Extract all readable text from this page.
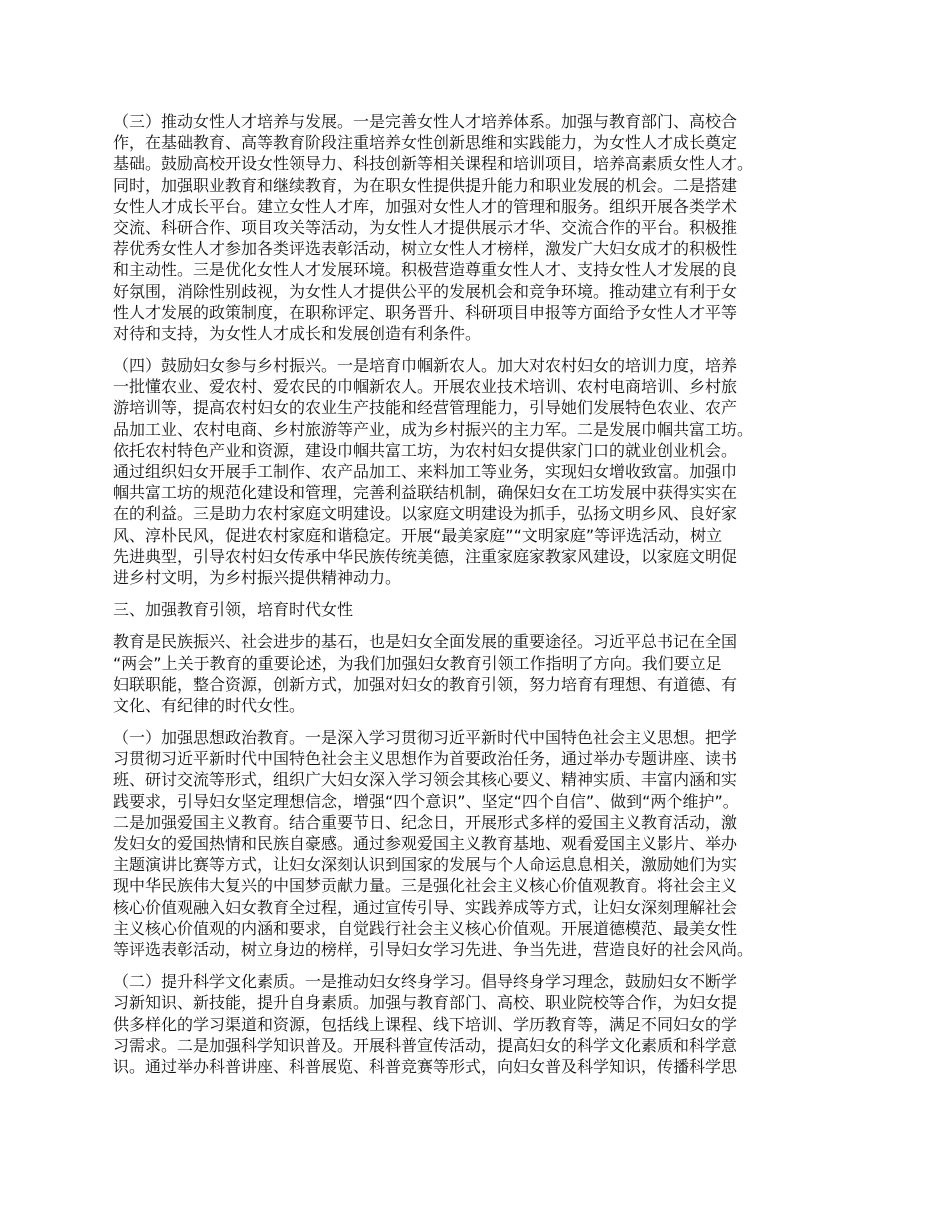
（三）推动女性人才培养与发展。一是完善女性人才培养体系。加强与教育部门、高校合
作，在基础教育、高等教育阶段注重培养女性创新思维和实践能力，为女性人才成长奠定
基础。鼓励高校开设女性领导力、科技创新等相关课程和培训项目，培养高素质女性人才。
同时，加强职业教育和继续教育，为在职女性提供提升能力和职业发展的机会。二是搭建
女性人才成长平台。建立女性人才库，加强对女性人才的管理和服务。组织开展各类学术
交流、科研合作、项目攻关等活动，为女性人才提供展示才华、交流合作的平台。积极推
荐优秀女性人才参加各类评选表彰活动，树立女性人才榜样，激发广大妇女成才的积极性
和主动性。三是优化女性人才发展环境。积极营造尊重女性人才、支持女性人才发展的良
好氛围，消除性别歧视，为女性人才提供公平的发展机会和竞争环境。推动建立有利于女
性人才发展的政策制度，在职称评定、职务晋升、科研项目申报等方面给予女性人才平等
对待和支持，为女性人才成长和发展创造有利条件。
（四）鼓励妇女参与乡村振兴。一是培育巾帼新农人。加大对农村妇女的培训力度，培养
一批懂农业、爱农村、爱农民的巾帼新农人。开展农业技术培训、农村电商培训、乡村旅
游培训等，提高农村妇女的农业生产技能和经营管理能力，引导她们发展特色农业、农产
品加工业、农村电商、乡村旅游等产业，成为乡村振兴的主力军。二是发展巾帼共富工坊。
依托农村特色产业和资源，建设巾帼共富工坊，为农村妇女提供家门口的就业创业机会。
通过组织妇女开展手工制作、农产品加工、来料加工等业务，实现妇女增收致富。加强巾
帼共富工坊的规范化建设和管理，完善利益联结机制，确保妇女在工坊发展中获得实实在
在的利益。三是助力农村家庭文明建设。以家庭文明建设为抓手，弘扬文明乡风、良好家
风、淳朴民风，促进农村家庭和谐稳定。开展“最美家庭”“文明家庭”等评选活动，树立
先进典型，引导农村妇女传承中华民族传统美德，注重家庭家教家风建设，以家庭文明促
进乡村文明，为乡村振兴提供精神动力。
三、加强教育引领，培育时代女性
教育是民族振兴、社会进步的基石，也是妇女全面发展的重要途径。习近平总书记在全国
“两会”上关于教育的重要论述，为我们加强妇女教育引领工作指明了方向。我们要立足
妇联职能，整合资源，创新方式，加强对妇女的教育引领，努力培育有理想、有道德、有
文化、有纪律的时代女性。
（一）加强思想政治教育。一是深入学习贯彻习近平新时代中国特色社会主义思想。把学
习贯彻习近平新时代中国特色社会主义思想作为首要政治任务，通过举办专题讲座、读书
班、研讨交流等形式，组织广大妇女深入学习领会其核心要义、精神实质、丰富内涵和实
践要求，引导妇女坚定理想信念，增强“四个意识”、坚定“四个自信”、做到“两个维护”。
二是加强爱国主义教育。结合重要节日、纪念日，开展形式多样的爱国主义教育活动，激
发妇女的爱国热情和民族自豪感。通过参观爱国主义教育基地、观看爱国主义影片、举办
主题演讲比赛等方式，让妇女深刻认识到国家的发展与个人命运息息相关，激励她们为实
现中华民族伟大复兴的中国梦贡献力量。三是强化社会主义核心价值观教育。将社会主义
核心价值观融入妇女教育全过程，通过宣传引导、实践养成等方式，让妇女深刻理解社会
主义核心价值观的内涵和要求，自觉践行社会主义核心价值观。开展道德模范、最美女性
等评选表彰活动，树立身边的榜样，引导妇女学习先进、争当先进，营造良好的社会风尚。
（二）提升科学文化素质。一是推动妇女终身学习。倡导终身学习理念，鼓励妇女不断学
习新知识、新技能，提升自身素质。加强与教育部门、高校、职业院校等合作，为妇女提
供多样化的学习渠道和资源，包括线上课程、线下培训、学历教育等，满足不同妇女的学
习需求。二是加强科学知识普及。开展科普宣传活动，提高妇女的科学文化素质和科学意
识。通过举办科普讲座、科普展览、科普竞赛等形式，向妇女普及科学知识，传播科学思
